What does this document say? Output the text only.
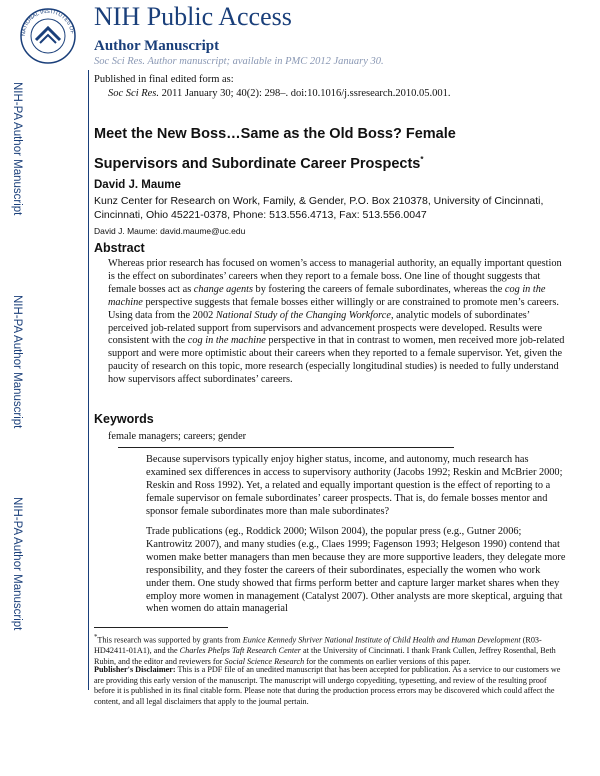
NATIONAL INSTITUTES OF
NIH Public Access
Author Manuscript
Soc Sci Res. Author manuscript; available in PMC 2012 January 30.
NIH-PA Author Manuscript
NIH-PA Author Manuscript
NIH-PA Author Manuscript
Published in final edited form as:
Soc Sci Res. 2011 January 30; 40(2): 298–. doi:10.1016/j.ssresearch.2010.05.001.
Meet the New Boss…Same as the Old Boss? Female
Supervisors and Subordinate Career Prospects*
David J. Maume
Kunz Center for Research on Work, Family, & Gender, P.O. Box 210378, University of Cincinnati,
Cincinnati, Ohio 45221-0378, Phone: 513.556.4713, Fax: 513.556.0047
David J. Maume: david.maume@uc.edu
Abstract
Whereas prior research has focused on women’s access to managerial authority, an equally important question is the effect on subordinates’ careers when they report to a female boss. One line of thought suggests that female bosses act as change agents by fostering the careers of female subordinates, whereas the cog in the machine perspective suggests that female bosses either willingly or are constrained to promote men’s careers. Using data from the 2002 National Study of the Changing Workforce, analytic models of subordinates’ perceived job-related support from supervisors and advancement prospects were developed. Results were consistent with the cog in the machine perspective in that in contrast to women, men received more job-related support and were more optimistic about their careers when they reported to a female supervisor. Yet, given the paucity of research on this topic, more research (especially longitudinal studies) is needed to fully understand how supervisors affect subordinates’ careers.
Keywords
female managers; careers; gender
Because supervisors typically enjoy higher status, income, and autonomy, much research has examined sex differences in access to supervisory authority (Jacobs 1992; Reskin and McBrier 2000; Reskin and Ross 1992). Yet, a related and equally important question is the effect of reporting to a female supervisor on female subordinates’ career prospects. That is, do female bosses mentor and sponsor female subordinates more than male subordinates?
Trade publications (eg., Roddick 2000; Wilson 2004), the popular press (e.g., Gutner 2006; Kantrowitz 2007), and many studies (e.g., Claes 1999; Fagenson 1993; Helgeson 1990) contend that women make better managers than men because they are more supportive leaders, they delegate more responsibility, and they foster the careers of their subordinates, especially the women who work under them. One study showed that firms perform better and capture larger market shares when they employ more women in management (Catalyst 2007). Other analysts are more skeptical, arguing that when women do attain managerial
*This research was supported by grants from Eunice Kennedy Shriver National Institute of Child Health and Human Development (R03-HD42411-01A1), and the Charles Phelps Taft Research Center at the University of Cincinnati. I thank Frank Cullen, Jeffrey Rosenthal, Beth Rubin, and the editor and reviewers for Social Science Research for the comments on earlier versions of this paper.
Publisher's Disclaimer: This is a PDF file of an unedited manuscript that has been accepted for publication. As a service to our customers we are providing this early version of the manuscript. The manuscript will undergo copyediting, typesetting, and review of the resulting proof before it is published in its final citable form. Please note that during the production process errors may be discovered which could affect the content, and all legal disclaimers that apply to the journal pertain.
